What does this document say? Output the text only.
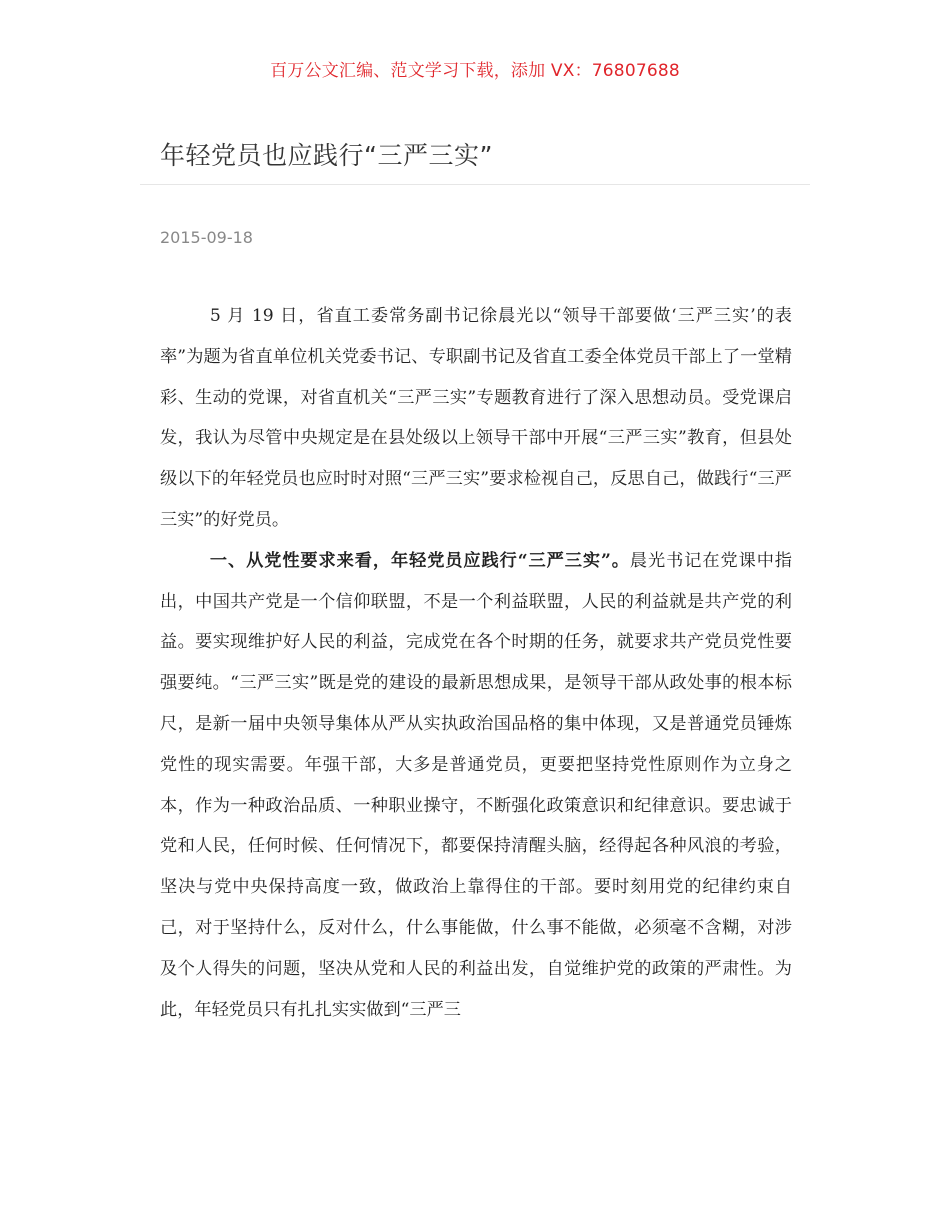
百万公文汇编、范文学习下载，添加 VX：76807688
年轻党员也应践行“三严三实”
2015-09-18

5 月 19 日，省直工委常务副书记徐晨光以“领导干部要做‘三严三实’的表率”为题为省直单位机关党委书记、专职副书记及省直工委全体党员干部上了一堂精彩、生动的党课，对省直机关“三严三实”专题教育进行了深入思想动员。受党课启发，我认为尽管中央规定是在县处级以上领导干部中开展“三严三实”教育，但县处级以下的年轻党员也应时时对照“三严三实”要求检视自己，反思自己，做践行“三严三实”的好党员。

一、从党性要求来看，年轻党员应践行“三严三实”。晨光书记在党课中指出，中国共产党是一个信仰联盟，不是一个利益联盟，人民的利益就是共产党的利益。要实现维护好人民的利益，完成党在各个时期的任务，就要求共产党员党性要强要纯。“三严三实”既是党的建设的最新思想成果，是领导干部从政处事的根本标尺，是新一届中央领导集体从严从实执政治国品格的集中体现，又是普通党员锤炼党性的现实需要。年强干部，大多是普通党员，更要把坚持党性原则作为立身之本，作为一种政治品质、一种职业操守，不断强化政策意识和纪律意识。要忠诚于党和人民，任何时候、任何情况下，都要保持清醒头脑，经得起各种风浪的考验，坚决与党中央保持高度一致，做政治上靠得住的干部。要时刻用党的纪律约束自己，对于坚持什么，反对什么，什么事能做，什么事不能做，必须毫不含糊，对涉及个人得失的问题，坚决从党和人民的利益出发，自觉维护党的政策的严肃性。为此，年轻党员只有扎扎实实做到“三严三
